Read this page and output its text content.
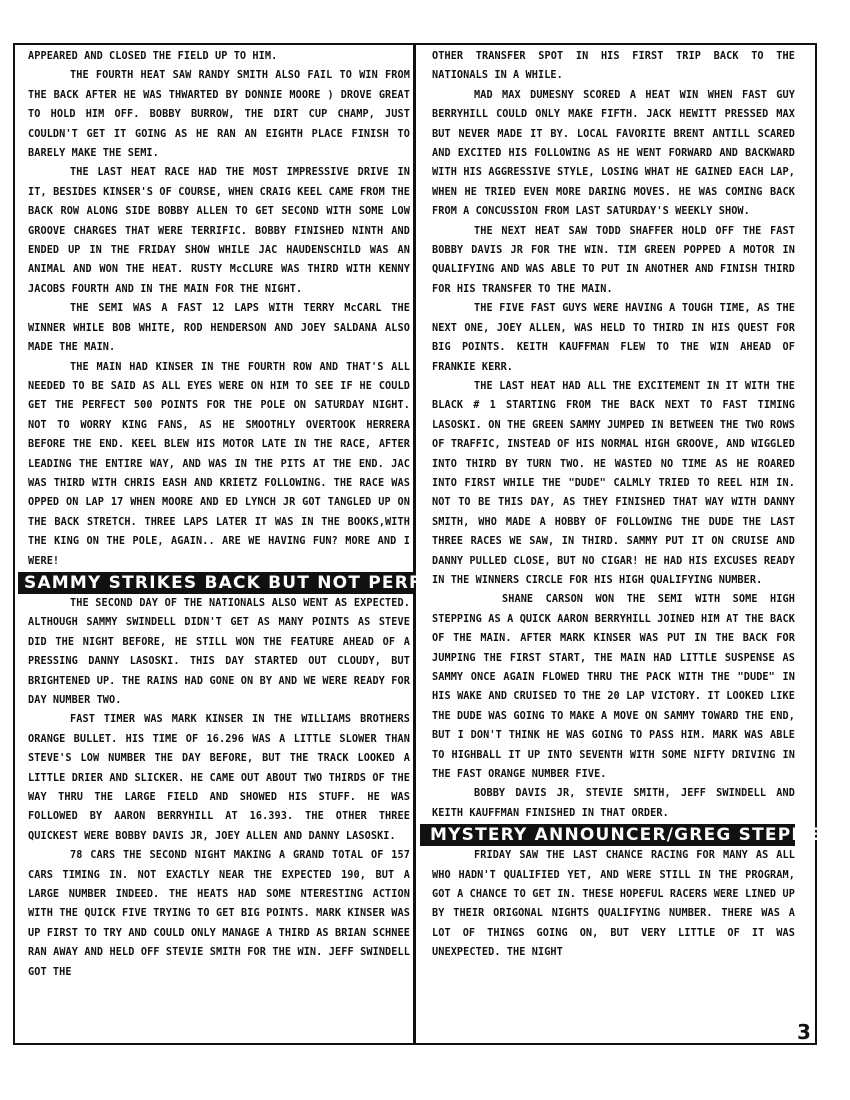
APPEARED AND CLOSED THE FIELD UP TO HIM.

THE FOURTH HEAT SAW RANDY SMITH ALSO FAIL TO WIN FROM THE BACK AFTER HE WAS THWARTED BY DONNIE MOORE ) DROVE GREAT TO HOLD HIM OFF. BOBBY BURROW, THE DIRT CUP CHAMP, JUST COULDN'T GET IT GOING AS HE RAN AN EIGHTH PLACE FINISH TO BARELY MAKE THE SEMI.

THE LAST HEAT RACE HAD THE MOST IMPRESSIVE DRIVE IN IT, BESIDES KINSER'S OF COURSE, WHEN CRAIG KEEL CAME FROM THE BACK ROW ALONG SIDE BOBBY ALLEN TO GET SECOND WITH SOME LOW GROOVE CHARGES THAT WERE TERRIFIC. BOBBY FINISHED NINTH AND ENDED UP IN THE FRIDAY SHOW WHILE JAC HAUDENSCHILD WAS AN ANIMAL AND WON THE HEAT. RUSTY McCLURE WAS THIRD WITH KENNY JACOBS FOURTH AND IN THE MAIN FOR THE NIGHT.

THE SEMI WAS A FAST 12 LAPS WITH TERRY McCARL THE WINNER WHILE BOB WHITE, ROD HENDERSON AND JOEY SALDANA ALSO MADE THE MAIN.

THE MAIN HAD KINSER IN THE FOURTH ROW AND THAT'S ALL NEEDED TO BE SAID AS ALL EYES WERE ON HIM TO SEE IF HE COULD GET THE PERFECT 500 POINTS FOR THE POLE ON SATURDAY NIGHT. NOT TO WORRY KING FANS, AS HE SMOOTHLY OVERTOOK HERRERA BEFORE THE END. KEEL BLEW HIS MOTOR LATE IN THE RACE, AFTER LEADING THE ENTIRE WAY, AND WAS IN THE PITS AT THE END. JAC WAS THIRD WITH CHRIS EASH AND KRIETZ FOLLOWING. THE RACE WAS OPPED ON LAP 17 WHEN MOORE AND ED LYNCH JR GOT TANGLED UP ON THE BACK STRETCH. THREE LAPS LATER IT WAS IN THE BOOKS,WITH THE KING ON THE POLE, AGAIN.. ARE WE HAVING FUN? MORE AND I WERE!

SAMMY STRIKES BACK BUT NOT PERFECT

THE SECOND DAY OF THE NATIONALS ALSO WENT AS EXPECTED. ALTHOUGH SAMMY SWINDELL DIDN'T GET AS MANY POINTS AS STEVE DID THE NIGHT BEFORE, HE STILL WON THE FEATURE AHEAD OF A PRESSING DANNY LASOSKI. THIS DAY STARTED OUT CLOUDY, BUT BRIGHTENED UP. THE RAINS HAD GONE ON BY AND WE WERE READY FOR DAY NUMBER TWO.

FAST TIMER WAS MARK KINSER IN THE WILLIAMS BROTHERS ORANGE BULLET. HIS TIME OF 16.296 WAS A LITTLE SLOWER THAN STEVE'S LOW NUMBER THE DAY BEFORE, BUT THE TRACK LOOKED A LITTLE DRIER AND SLICKER. HE CAME OUT ABOUT TWO THIRDS OF THE WAY THRU THE LARGE FIELD AND SHOWED HIS STUFF. HE WAS FOLLOWED BY AARON BERRYHILL AT 16.393. THE OTHER THREE QUICKEST WERE BOBBY DAVIS JR, JOEY ALLEN AND DANNY LASOSKI.

78 CARS THE SECOND NIGHT MAKING A GRAND TOTAL OF 157 CARS TIMING IN. NOT EXACTLY NEAR THE EXPECTED 190, BUT A LARGE NUMBER INDEED. THE HEATS HAD SOME NTERESTING ACTION WITH THE QUICK FIVE TRYING TO GET BIG POINTS. MARK KINSER WAS UP FIRST TO TRY AND COULD ONLY MANAGE A THIRD AS BRIAN SCHNEE RAN AWAY AND HELD OFF STEVIE SMITH FOR THE WIN. JEFF SWINDELL GOT THE

OTHER TRANSFER SPOT IN HIS FIRST TRIP BACK TO THE NATIONALS IN A WHILE.

MAD MAX DUMESNY SCORED A HEAT WIN WHEN FAST GUY BERRYHILL COULD ONLY MAKE FIFTH. JACK HEWITT PRESSED MAX BUT NEVER MADE IT BY. LOCAL FAVORITE BRENT ANTILL SCARED AND EXCITED HIS FOLLOWING AS HE WENT FORWARD AND BACKWARD WITH HIS AGGRESSIVE STYLE, LOSING WHAT HE GAINED EACH LAP, WHEN HE TRIED EVEN MORE DARING MOVES. HE WAS COMING BACK FROM A CONCUSSION FROM LAST SATURDAY'S WEEKLY SHOW.

THE NEXT HEAT SAW TODD SHAFFER HOLD OFF THE FAST BOBBY DAVIS JR FOR THE WIN. TIM GREEN POPPED A MOTOR IN QUALIFYING AND WAS ABLE TO PUT IN ANOTHER AND FINISH THIRD FOR HIS TRANSFER TO THE MAIN.

THE FIVE FAST GUYS WERE HAVING A TOUGH TIME, AS THE NEXT ONE, JOEY ALLEN, WAS HELD TO THIRD IN HIS QUEST FOR BIG POINTS. KEITH KAUFFMAN FLEW TO THE WIN AHEAD OF FRANKIE KERR.

THE LAST HEAT HAD ALL THE EXCITEMENT IN IT WITH THE BLACK # 1 STARTING FROM THE BACK NEXT TO FAST TIMING LASOSKI. ON THE GREEN SAMMY JUMPED IN BETWEEN THE TWO ROWS OF TRAFFIC, INSTEAD OF HIS NORMAL HIGH GROOVE, AND WIGGLED INTO THIRD BY TURN TWO. HE WASTED NO TIME AS HE ROARED INTO FIRST WHILE THE "DUDE" CALMLY TRIED TO REEL HIM IN. NOT TO BE THIS DAY, AS THEY FINISHED THAT WAY WITH DANNY SMITH, WHO MADE A HOBBY OF FOLLOWING THE DUDE THE LAST THREE RACES WE SAW, IN THIRD. SAMMY PUT IT ON CRUISE AND DANNY PULLED CLOSE, BUT NO CIGAR! HE HAD HIS EXCUSES READY IN THE WINNERS CIRCLE FOR HIS HIGH QUALIFYING NUMBER.

SHANE CARSON WON THE SEMI WITH SOME HIGH STEPPING AS A QUICK AARON BERRYHILL JOINED HIM AT THE BACK OF THE MAIN. AFTER MARK KINSER WAS PUT IN THE BACK FOR JUMPING THE FIRST START, THE MAIN HAD LITTLE SUSPENSE AS SAMMY ONCE AGAIN FLOWED THRU THE PACK WITH THE "DUDE" IN HIS WAKE AND CRUISED TO THE 20 LAP VICTORY. IT LOOKED LIKE THE DUDE WAS GOING TO MAKE A MOVE ON SAMMY TOWARD THE END, BUT I DON'T THINK HE WAS GOING TO PASS HIM. MARK WAS ABLE TO HIGHBALL IT UP INTO SEVENTH WITH SOME NIFTY DRIVING IN THE FAST ORANGE NUMBER FIVE.

BOBBY DAVIS JR, STEVIE SMITH, JEFF SWINDELL AND KEITH KAUFFMAN FINISHED IN THAT ORDER.

MYSTERY ANNOUNCER/GREG STEPHENS

FRIDAY SAW THE LAST CHANCE RACING FOR MANY AS ALL WHO HADN'T QUALIFIED YET, AND WERE STILL IN THE PROGRAM, GOT A CHANCE TO GET IN. THESE HOPEFUL RACERS WERE LINED UP BY THEIR ORIGONAL NIGHTS QUALIFYING NUMBER. THERE WAS A LOT OF THINGS GOING ON, BUT VERY LITTLE OF IT WAS UNEXPECTED. THE NIGHT

3
